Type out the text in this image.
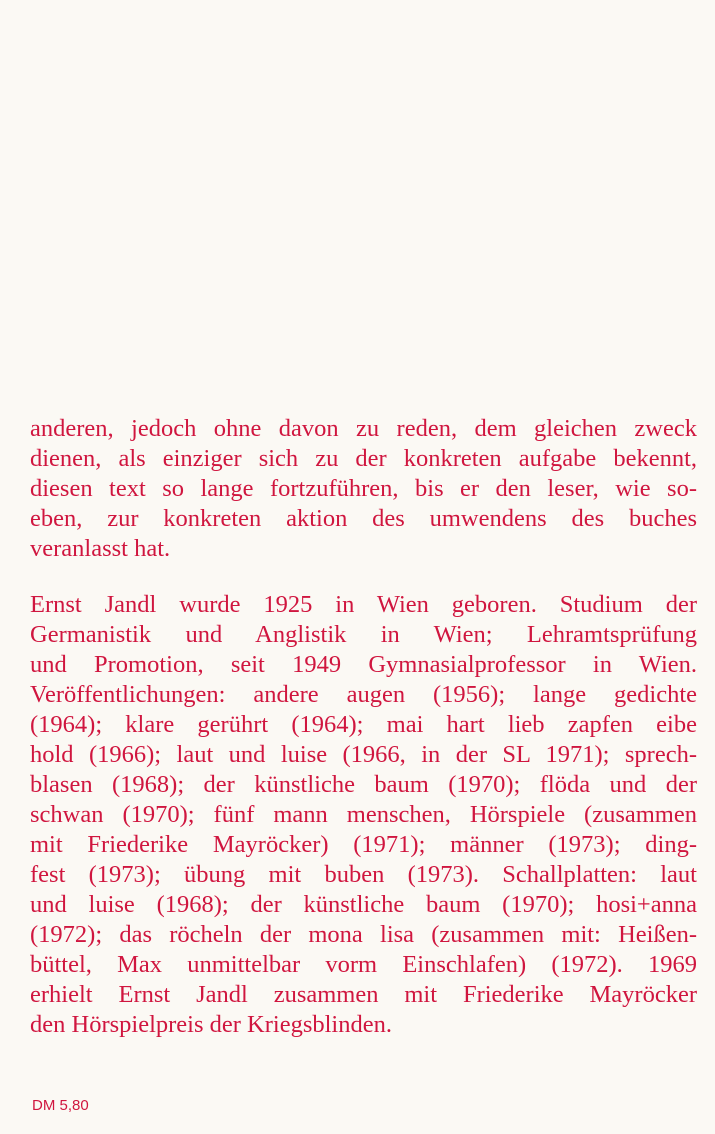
anderen, jedoch ohne davon zu reden, dem gleichen zweck
dienen, als einziger sich zu der konkreten aufgabe bekennt,
diesen text so lange fortzuführen, bis er den leser, wie so-
eben, zur konkreten aktion des umwendens des buches
veranlasst hat.

Ernst Jandl wurde 1925 in Wien geboren. Studium der
Germanistik und Anglistik in Wien; Lehramtsprüfung
und Promotion, seit 1949 Gymnasialprofessor in Wien.
Veröffentlichungen: andere augen (1956); lange gedichte
(1964); klare gerührt (1964); mai hart lieb zapfen eibe
hold (1966); laut und luise (1966, in der SL 1971); sprech-
blasen (1968); der künstliche baum (1970); flöda und der
schwan (1970); fünf mann menschen, Hörspiele (zusammen
mit Friederike Mayröcker) (1971); männer (1973); ding-
fest (1973); übung mit buben (1973). Schallplatten: laut
und luise (1968); der künstliche baum (1970); hosi+anna
(1972); das röcheln der mona lisa (zusammen mit: Heißen-
büttel, Max unmittelbar vorm Einschlafen) (1972). 1969
erhielt Ernst Jandl zusammen mit Friederike Mayröcker
den Hörspielpreis der Kriegsblinden.

DM 5,80
